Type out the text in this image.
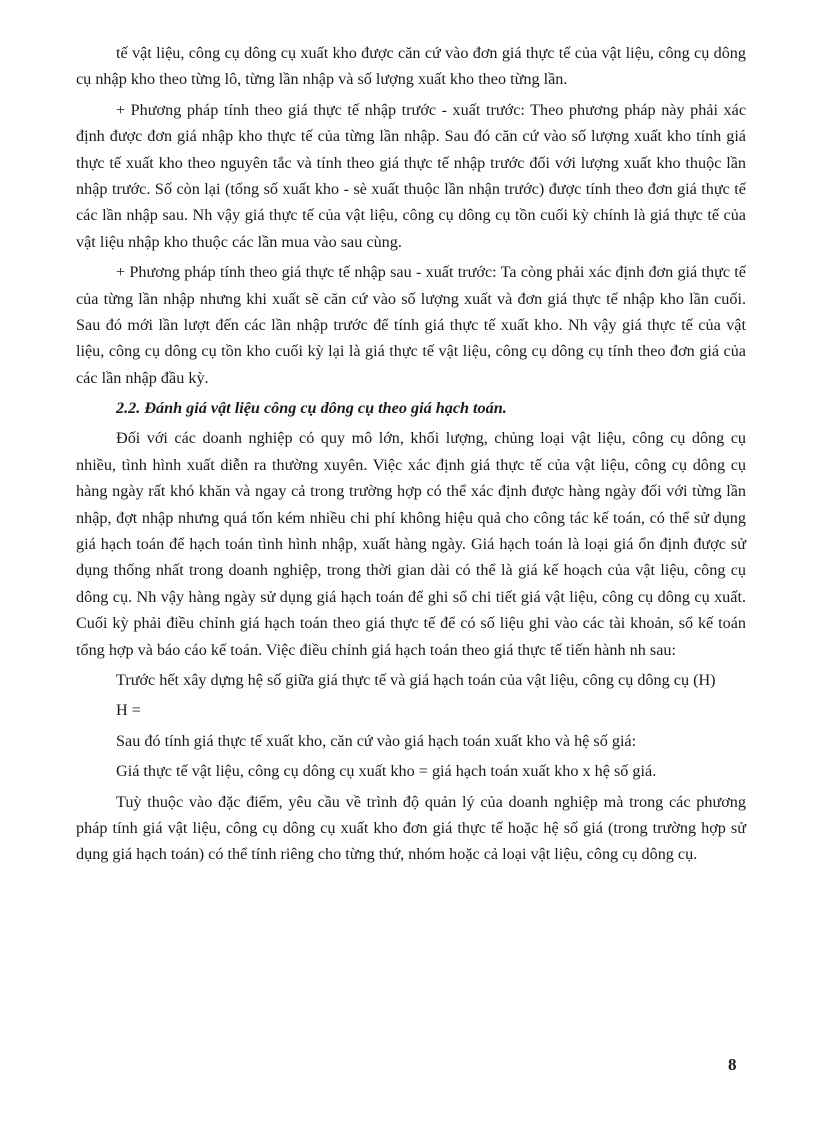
tế vật liệu, công cụ dông cụ xuất kho được căn cứ vào đơn giá thực tế của vật liệu, công cụ dông cụ nhập kho theo từng lô, từng lần nhập và số lượng xuất kho theo từng lần.

+ Phương pháp tính theo giá thực tế nhập trước - xuất trước: Theo phương pháp này phải xác định được đơn giá nhập kho thực tế của từng lần nhập. Sau đó căn cứ vào số lượng xuất kho tính giá thực tế xuất kho theo nguyên tắc và tính theo giá thực tế nhập trước đối với lượng xuất kho thuộc lần nhập trước. Số còn lại (tổng số xuất kho - sè xuất thuộc lần nhận trước) được tính theo đơn giá thực tế các lần nhập sau. Nh vậy giá thực tế của vật liệu, công cụ dông cụ tồn cuối kỳ chính là giá thực tế của vật liệu nhập kho thuộc các lần mua vào sau cùng.

+ Phương pháp tính theo giá thực tế nhập sau - xuất trước: Ta còng phải xác định đơn giá thực tế của từng lần nhập nhưng khi xuất sẽ căn cứ vào số lượng xuất và đơn giá thực tế nhập kho lần cuối. Sau đó mới lần lượt đến các lần nhập trước để tính giá thực tế xuất kho. Nh vậy giá thực tế của vật liệu, công cụ dông cụ tồn kho cuối kỳ lại là giá thực tế vật liệu, công cụ dông cụ tính theo đơn giá của các lần nhập đầu kỳ.

2.2. Đánh giá vật liệu công cụ dông cụ theo giá hạch toán.

Đối với các doanh nghiệp có quy mô lớn, khối lượng, chủng loại vật liệu, công cụ dông cụ nhiều, tình hình xuất diễn ra thường xuyên. Việc xác định giá thực tế của vật liệu, công cụ dông cụ hàng ngày rất khó khăn và ngay cả trong trường hợp có thể xác định được hàng ngày đối với từng lần nhập, đợt nhập nhưng quá tốn kém nhiều chi phí không hiệu quả cho công tác kế toán, có thể sử dụng giá hạch toán để hạch toán tình hình nhập, xuất hàng ngày. Giá hạch toán là loại giá ổn định được sử dụng thống nhất trong doanh nghiệp, trong thời gian dài có thể là giá kế hoạch của vật liệu, công cụ dông cụ. Nh vậy hàng ngày sử dụng giá hạch toán để ghi sổ chi tiết giá vật liệu, công cụ dông cụ xuất. Cuối kỳ phải điều chỉnh giá hạch toán theo giá thực tế để có số liệu ghi vào các tài khoản, sổ kế toán tổng hợp và báo cáo kế toán. Việc điều chỉnh giá hạch toán theo giá thực tế tiến hành nh sau:

Trước hết xây dựng hệ số giữa giá thực tế và giá hạch toán của vật liệu, công cụ dông cụ (H)

H =

Sau đó tính giá thực tế xuất kho, căn cứ vào giá hạch toán xuất kho và hệ số giá:

Giá thực tế vật liệu, công cụ dông cụ xuất kho = giá hạch toán xuất kho x hệ số giá.

Tuỳ thuộc vào đặc điểm, yêu cầu về trình độ quản lý của doanh nghiệp mà trong các phương pháp tính giá vật liệu, công cụ dông cụ xuất kho đơn giá thực tế hoặc hệ số giá (trong trường hợp sử dụng giá hạch toán) có thể tính riêng cho từng thứ, nhóm hoặc cả loại vật liệu, công cụ dông cụ.

8
